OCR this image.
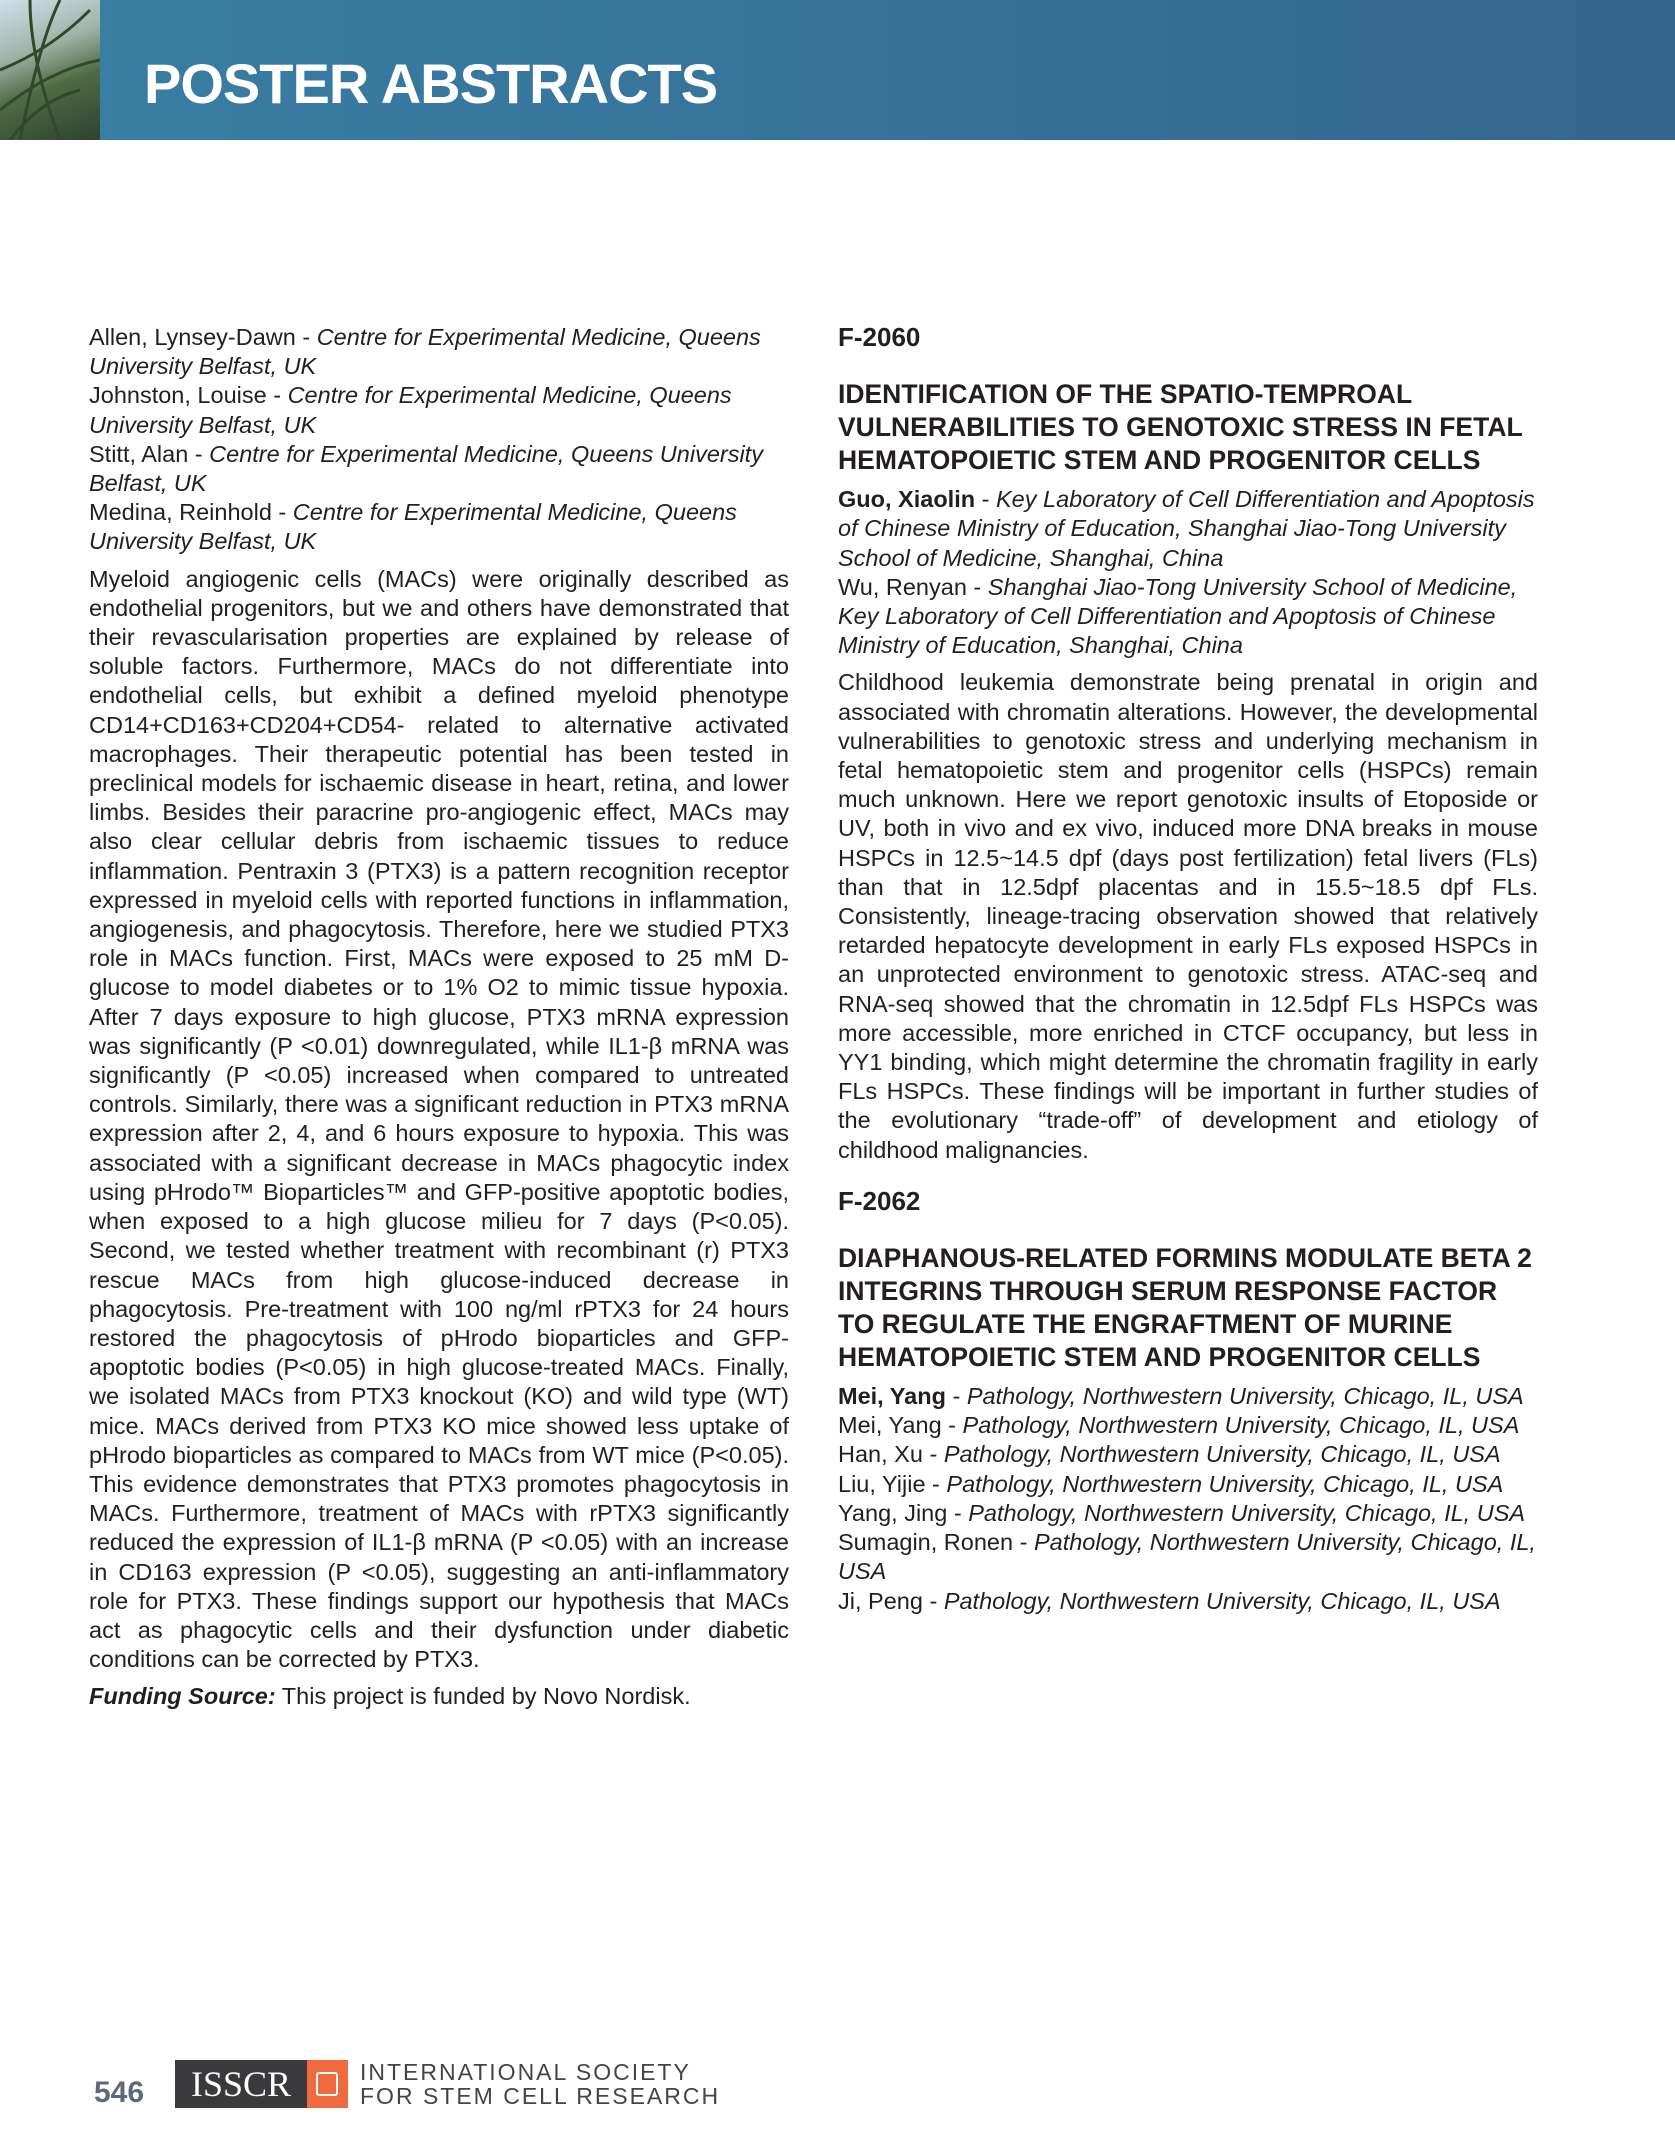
POSTER ABSTRACTS

Allen, Lynsey-Dawn - Centre for Experimental Medicine, Queens University Belfast, UK

Johnston, Louise - Centre for Experimental Medicine, Queens University Belfast, UK

Stitt, Alan - Centre for Experimental Medicine, Queens University Belfast, UK

Medina, Reinhold - Centre for Experimental Medicine, Queens University Belfast, UK

Myeloid angiogenic cells (MACs) were originally described as endothelial progenitors, but we and others have demonstrated that their revascularisation properties are explained by release of soluble factors. Furthermore, MACs do not differentiate into endothelial cells, but exhibit a defined myeloid phenotype CD14+CD163+CD204+CD54- related to alternative activated macrophages. Their therapeutic potential has been tested in preclinical models for ischaemic disease in heart, retina, and lower limbs. Besides their paracrine pro-angiogenic effect, MACs may also clear cellular debris from ischaemic tissues to reduce inflammation. Pentraxin 3 (PTX3) is a pattern recognition receptor expressed in myeloid cells with reported functions in inflammation, angiogenesis, and phagocytosis. Therefore, here we studied PTX3 role in MACs function. First, MACs were exposed to 25 mM D-glucose to model diabetes or to 1% O2 to mimic tissue hypoxia. After 7 days exposure to high glucose, PTX3 mRNA expression was significantly (P <0.01) downregulated, while IL1-β mRNA was significantly (P <0.05) increased when compared to untreated controls. Similarly, there was a significant reduction in PTX3 mRNA expression after 2, 4, and 6 hours exposure to hypoxia. This was associated with a significant decrease in MACs phagocytic index using pHrodo™ Bioparticles™ and GFP-positive apoptotic bodies, when exposed to a high glucose milieu for 7 days (P<0.05). Second, we tested whether treatment with recombinant (r) PTX3 rescue MACs from high glucose-induced decrease in phagocytosis. Pre-treatment with 100 ng/ml rPTX3 for 24 hours restored the phagocytosis of pHrodo bioparticles and GFP-apoptotic bodies (P<0.05) in high glucose-treated MACs. Finally, we isolated MACs from PTX3 knockout (KO) and wild type (WT) mice. MACs derived from PTX3 KO mice showed less uptake of pHrodo bioparticles as compared to MACs from WT mice (P<0.05). This evidence demonstrates that PTX3 promotes phagocytosis in MACs. Furthermore, treatment of MACs with rPTX3 significantly reduced the expression of IL1-β mRNA (P <0.05) with an increase in CD163 expression (P <0.05), suggesting an anti-inflammatory role for PTX3. These findings support our hypothesis that MACs act as phagocytic cells and their dysfunction under diabetic conditions can be corrected by PTX3.

Funding Source: This project is funded by Novo Nordisk.

F-2060
IDENTIFICATION OF THE SPATIO-TEMPROAL VULNERABILITIES TO GENOTOXIC STRESS IN FETAL HEMATOPOIETIC STEM AND PROGENITOR CELLS

Guo, Xiaolin - Key Laboratory of Cell Differentiation and Apoptosis of Chinese Ministry of Education, Shanghai Jiao-Tong University School of Medicine, Shanghai, China

Wu, Renyan - Shanghai Jiao-Tong University School of Medicine, Key Laboratory of Cell Differentiation and Apoptosis of Chinese Ministry of Education, Shanghai, China

Childhood leukemia demonstrate being prenatal in origin and associated with chromatin alterations. However, the developmental vulnerabilities to genotoxic stress and underlying mechanism in fetal hematopoietic stem and progenitor cells (HSPCs) remain much unknown. Here we report genotoxic insults of Etoposide or UV, both in vivo and ex vivo, induced more DNA breaks in mouse HSPCs in 12.5~14.5 dpf (days post fertilization) fetal livers (FLs) than that in 12.5dpf placentas and in 15.5~18.5 dpf FLs. Consistently, lineage-tracing observation showed that relatively retarded hepatocyte development in early FLs exposed HSPCs in an unprotected environment to genotoxic stress. ATAC-seq and RNA-seq showed that the chromatin in 12.5dpf FLs HSPCs was more accessible, more enriched in CTCF occupancy, but less in YY1 binding, which might determine the chromatin fragility in early FLs HSPCs. These findings will be important in further studies of the evolutionary “trade-off” of development and etiology of childhood malignancies.

F-2062
DIAPHANOUS-RELATED FORMINS MODULATE BETA 2 INTEGRINS THROUGH SERUM RESPONSE FACTOR TO REGULATE THE ENGRAFTMENT OF MURINE HEMATOPOIETIC STEM AND PROGENITOR CELLS

Mei, Yang - Pathology, Northwestern University, Chicago, IL, USA

Mei, Yang - Pathology, Northwestern University, Chicago, IL, USA

Han, Xu - Pathology, Northwestern University, Chicago, IL, USA

Liu, Yijie - Pathology, Northwestern University, Chicago, IL, USA

Yang, Jing - Pathology, Northwestern University, Chicago, IL, USA

Sumagin, Ronen - Pathology, Northwestern University, Chicago, IL, USA

Ji, Peng - Pathology, Northwestern University, Chicago, IL, USA

546	ISSCR	INTERNATIONAL SOCIETY
FOR STEM CELL RESEARCH
